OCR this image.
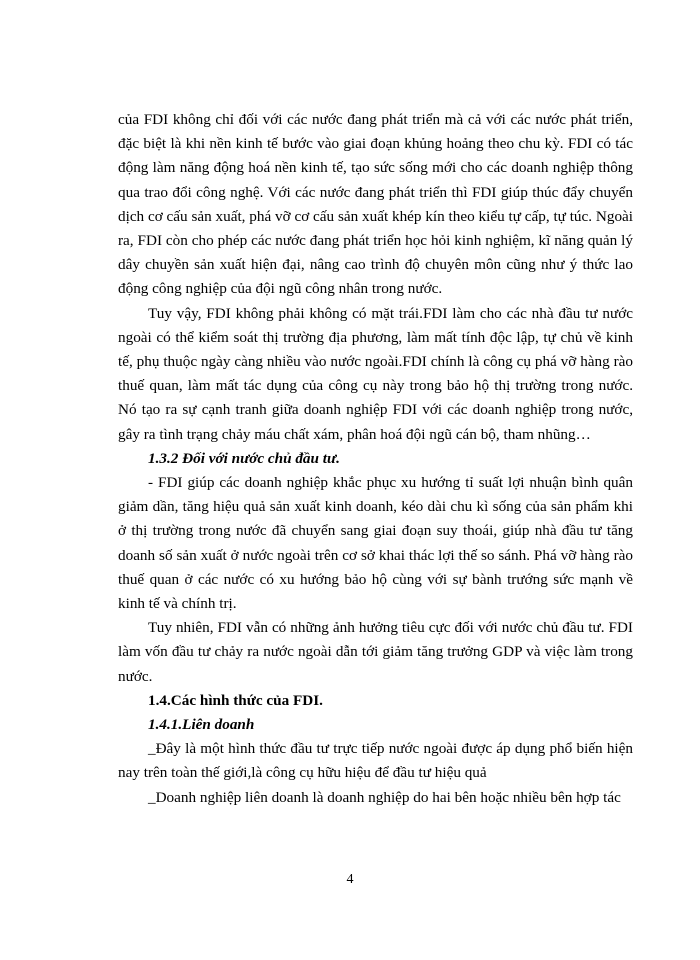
của FDI không chỉ đối với các nước đang phát triển mà cả với các nước phát triển, đặc biệt là khi nền kinh tế bước vào giai đoạn khủng hoảng theo chu kỳ. FDI có tác động làm năng động hoá nền kinh tế, tạo sức sống mới cho các doanh nghiệp thông qua trao đổi công nghệ. Với các nước đang phát triển thì FDI giúp thúc đẩy chuyển dịch cơ cấu sản xuất, phá vỡ cơ cấu sản xuất khép kín theo kiểu tự cấp, tự túc. Ngoài ra, FDI còn cho phép các nước đang phát triển học hỏi kinh nghiệm, kĩ năng quản lý dây chuyền sản xuất hiện đại, nâng cao trình độ chuyên môn cũng như ý thức lao động công nghiệp của đội ngũ công nhân trong nước.

Tuy vậy, FDI không phải không có mặt trái.FDI làm cho các nhà đầu tư nước ngoài có thể kiểm soát thị trường địa phương, làm mất tính độc lập, tự chủ về kinh tế, phụ thuộc ngày càng nhiều vào nước ngoài.FDI chính là công cụ phá vỡ hàng rào thuế quan, làm mất tác dụng của công cụ này trong bảo hộ thị trường trong nước. Nó tạo ra sự cạnh tranh giữa doanh nghiệp FDI với các doanh nghiệp trong nước, gây ra tình trạng chảy máu chất xám, phân hoá đội ngũ cán bộ, tham nhũng…

1.3.2 Đối với nước chủ đầu tư.

- FDI giúp các doanh nghiệp khắc phục xu hướng tỉ suất lợi nhuận bình quân giảm dần, tăng hiệu quả sản xuất kinh doanh, kéo dài chu kì sống của sản phẩm khi ở thị trường trong nước đã chuyển sang giai đoạn suy thoái, giúp nhà đầu tư tăng doanh số sản xuất ở nước ngoài trên cơ sở khai thác lợi thế so sánh. Phá vỡ hàng rào thuế quan ở các nước có xu hướng bảo hộ cùng với sự bành trướng sức mạnh về kinh tế và chính trị.

Tuy nhiên, FDI vẫn có những ảnh hưởng tiêu cực đối với nước chủ đầu tư. FDI làm vốn đầu tư chảy ra nước ngoài dẫn tới giảm tăng trưởng GDP và việc làm trong nước.

1.4.Các hình thức của FDI.
1.4.1.Liên doanh

_Đây là một hình thức đầu tư trực tiếp nước ngoài được áp dụng phổ biến hiện nay trên toàn thế giới,là công cụ hữu hiệu để đầu tư hiệu quả

_Doanh nghiệp liên doanh là doanh nghiệp do hai bên hoặc nhiều bên hợp tác

4
